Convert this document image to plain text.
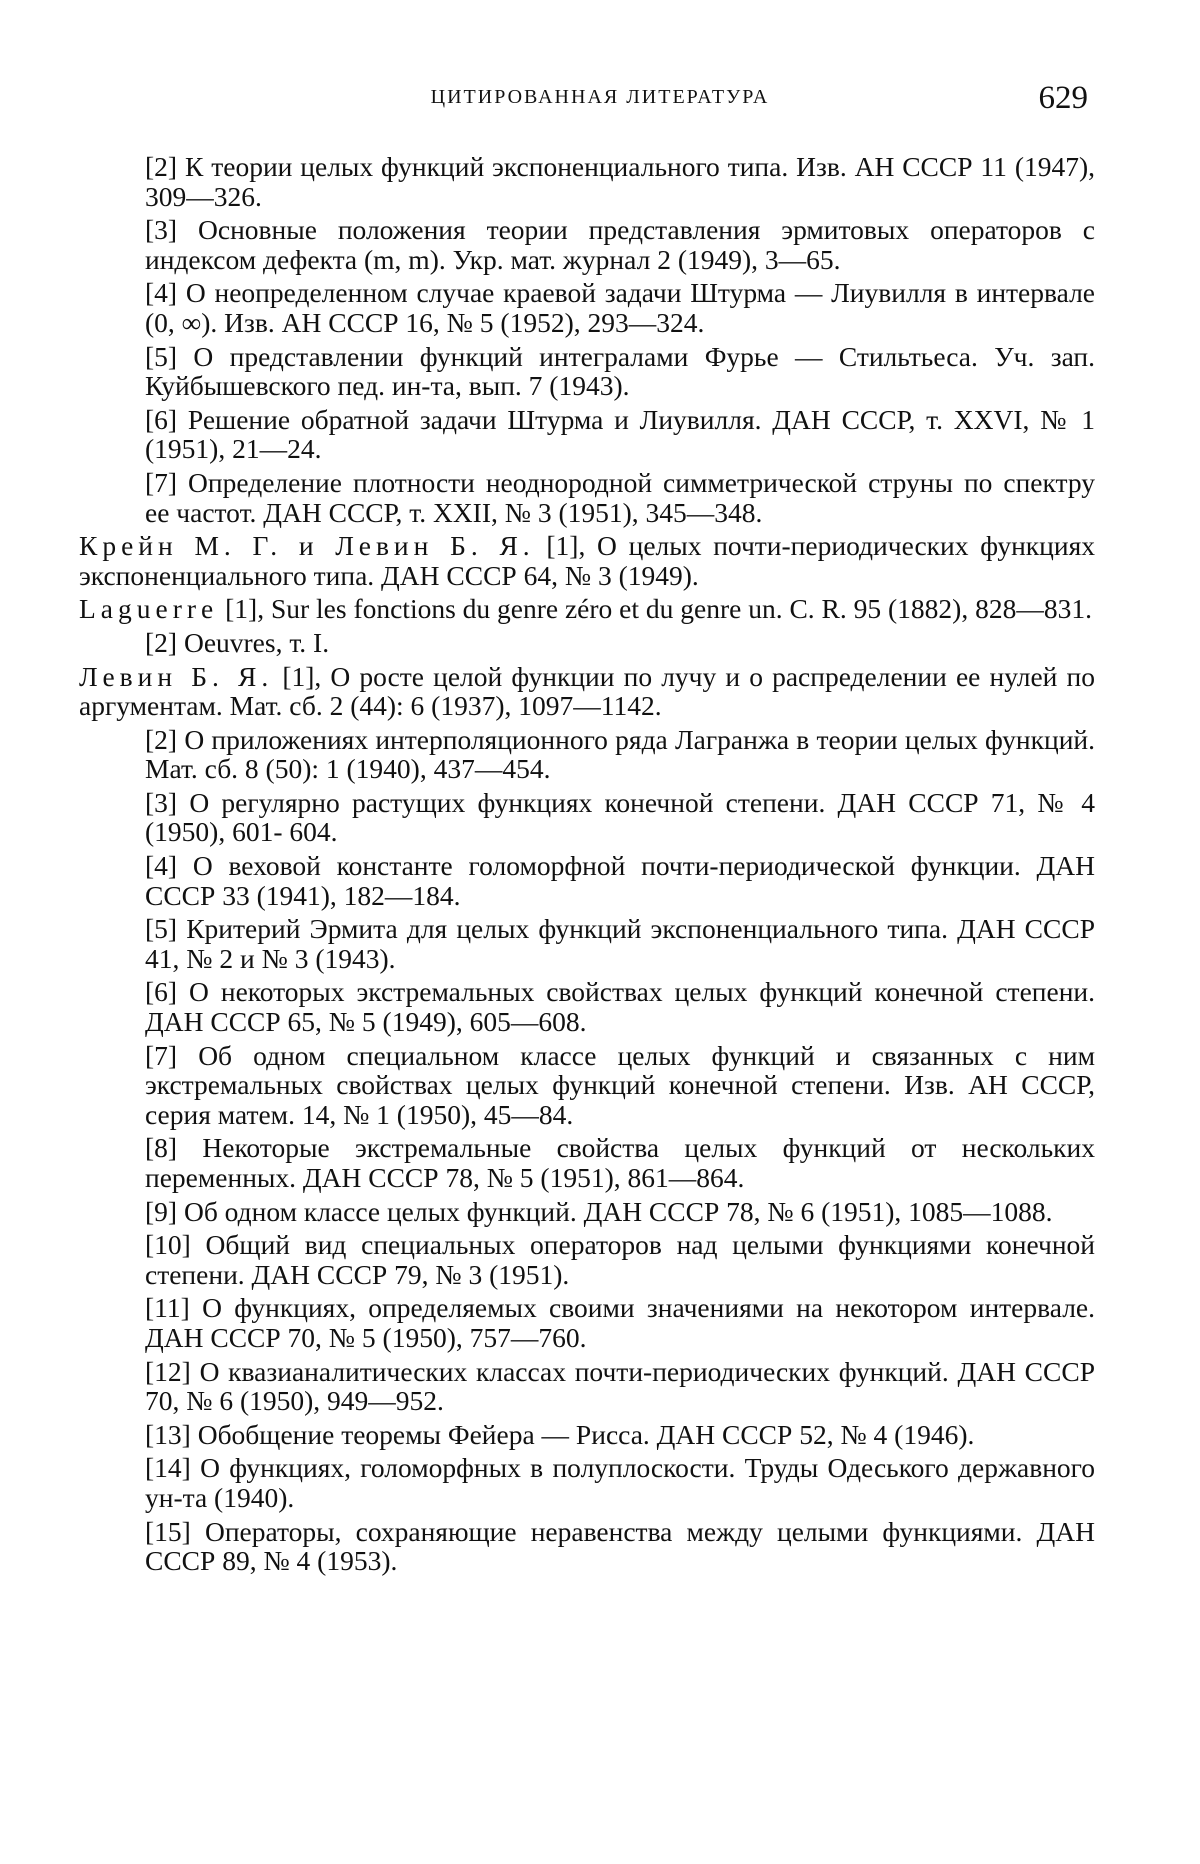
ЦИТИРОВАННАЯ ЛИТЕРАТУРА	629
[2] К теории целых функций экспоненциального типа. Изв. АН СССР 11 (1947), 309—326.
[3] Основные положения теории представления эрмитовых операторов с индексом дефекта (m, m). Укр. мат. журнал 2 (1949), 3—65.
[4] О неопределенном случае краевой задачи Штурма — Лиувилля в интервале (0, ∞). Изв. АН СССР 16, № 5 (1952), 293—324.
[5] О представлении функций интегралами Фурье — Стильтьеса. Уч. зап. Куйбышевского пед. ин-та, вып. 7 (1943).
[6] Решение обратной задачи Штурма и Лиувилля. ДАН СССР, т. XXVI, № 1 (1951), 21—24.
[7] Определение плотности неоднородной симметрической струны по спектру ее частот. ДАН СССР, т. XXII, № 3 (1951), 345—348.
Крейн М. Г. и Левин Б. Я. [1], О целых почти-периодических функциях экспоненциального типа. ДАН СССР 64, № 3 (1949).
Laguerre [1], Sur les fonctions du genre zéro et du genre un. C. R. 95 (1882), 828—831.
[2] Oeuvres, т. I.
Левин Б. Я. [1], О росте целой функции по лучу и о распределении ее нулей по аргументам. Мат. сб. 2 (44): 6 (1937), 1097—1142.
[2] О приложениях интерполяционного ряда Лагранжа в теории целых функций. Мат. сб. 8 (50): 1 (1940), 437—454.
[3] О регулярно растущих функциях конечной степени. ДАН СССР 71, № 4 (1950), 601- 604.
[4] О веховой константе голоморфной почти-периодической функции. ДАН СССР 33 (1941), 182—184.
[5] Критерий Эрмита для целых функций экспоненциального типа. ДАН СССР 41, № 2 и № 3 (1943).
[6] О некоторых экстремальных свойствах целых функций конечной степени. ДАН СССР 65, № 5 (1949), 605—608.
[7] Об одном специальном классе целых функций и связанных с ним экстремальных свойствах целых функций конечной степени. Изв. АН СССР, серия матем. 14, № 1 (1950), 45—84.
[8] Некоторые экстремальные свойства целых функций от нескольких переменных. ДАН СССР 78, № 5 (1951), 861—864.
[9] Об одном классе целых функций. ДАН СССР 78, № 6 (1951), 1085—1088.
[10] Общий вид специальных операторов над целыми функциями конечной степени. ДАН СССР 79, № 3 (1951).
[11] О функциях, определяемых своими значениями на некотором интервале. ДАН СССР 70, № 5 (1950), 757—760.
[12] О квазианалитических классах почти-периодических функций. ДАН СССР 70, № 6 (1950), 949—952.
[13] Обобщение теоремы Фейера — Рисса. ДАН СССР 52, № 4 (1946).
[14] О функциях, голоморфных в полуплоскости. Труды Одеського державного ун-та (1940).
[15] Операторы, сохраняющие неравенства между целыми функциями. ДАН СССР 89, № 4 (1953).
